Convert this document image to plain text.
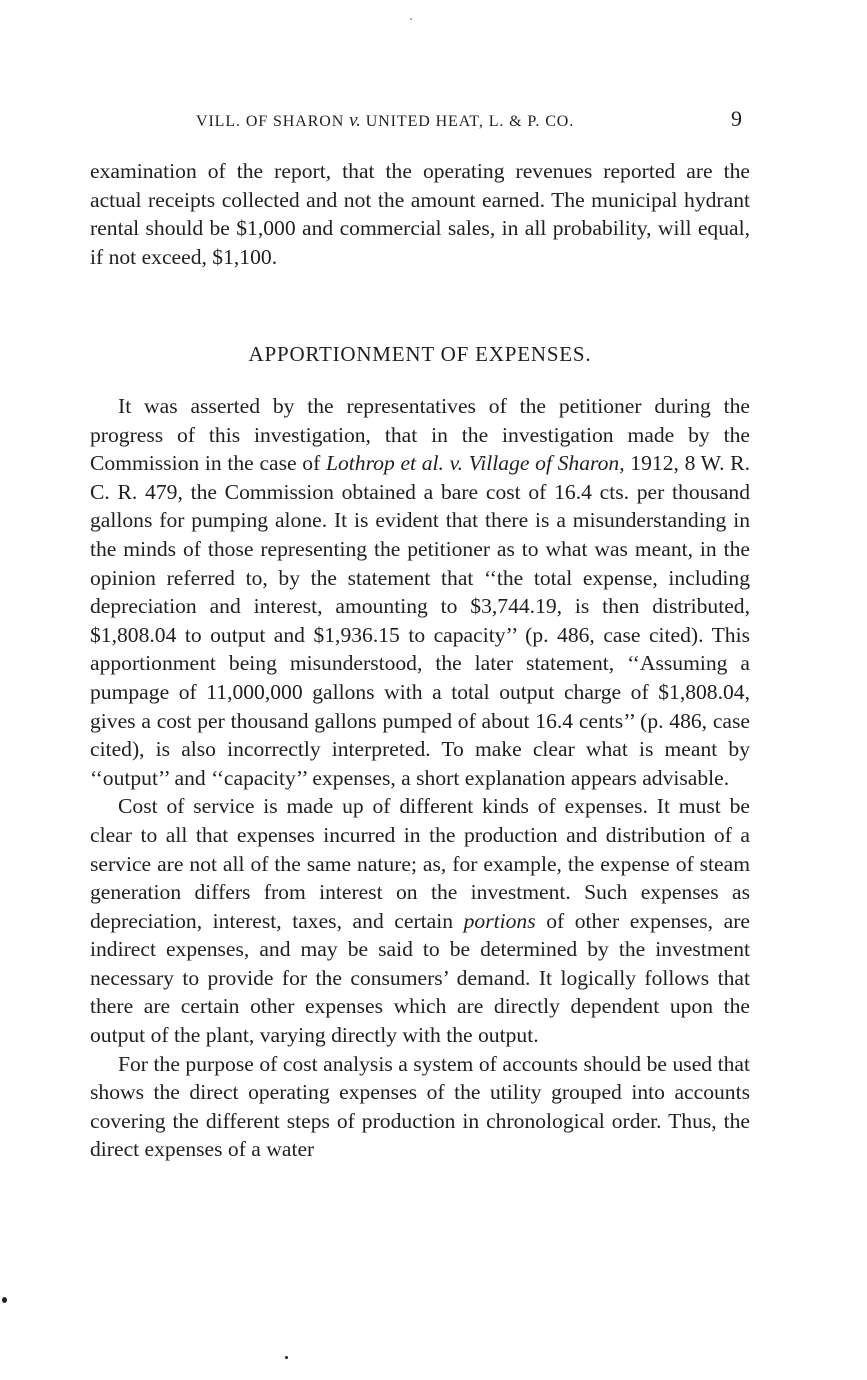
VILL. OF SHARON v. UNITED HEAT, L. & P. CO.	9

examination of the report, that the operating revenues reported are the actual receipts collected and not the amount earned. The municipal hydrant rental should be $1,000 and commercial sales, in all probability, will equal, if not exceed, $1,100.

APPORTIONMENT OF EXPENSES.

It was asserted by the representatives of the petitioner during the progress of this investigation, that in the investigation made by the Commission in the case of Lothrop et al. v. Village of Sharon, 1912, 8 W. R. C. R. 479, the Commission obtained a bare cost of 16.4 cts. per thousand gallons for pumping alone. It is evident that there is a misunderstanding in the minds of those representing the petitioner as to what was meant, in the opinion referred to, by the statement that ‘‘the total expense, including depreciation and interest, amounting to $3,744.19, is then distributed, $1,808.04 to output and $1,936.15 to capacity’’ (p. 486, case cited). This apportionment being misunderstood, the later statement, ‘‘Assuming a pumpage of 11,000,000 gallons with a total output charge of $1,808.04, gives a cost per thousand gallons pumped of about 16.4 cents’’ (p. 486, case cited), is also incorrectly interpreted. To make clear what is meant by ‘‘output’’ and ‘‘capacity’’ expenses, a short explanation appears advisable.

Cost of service is made up of different kinds of expenses. It must be clear to all that expenses incurred in the production and distribution of a service are not all of the same nature; as, for example, the expense of steam generation differs from interest on the investment. Such expenses as depreciation, interest, taxes, and certain portions of other expenses, are indirect expenses, and may be said to be determined by the investment necessary to provide for the consumers’ demand. It logically follows that there are certain other expenses which are directly dependent upon the output of the plant, varying directly with the output.

For the purpose of cost analysis a system of accounts should be used that shows the direct operating expenses of the utility grouped into accounts covering the different steps of production in chronological order. Thus, the direct expenses of a water
